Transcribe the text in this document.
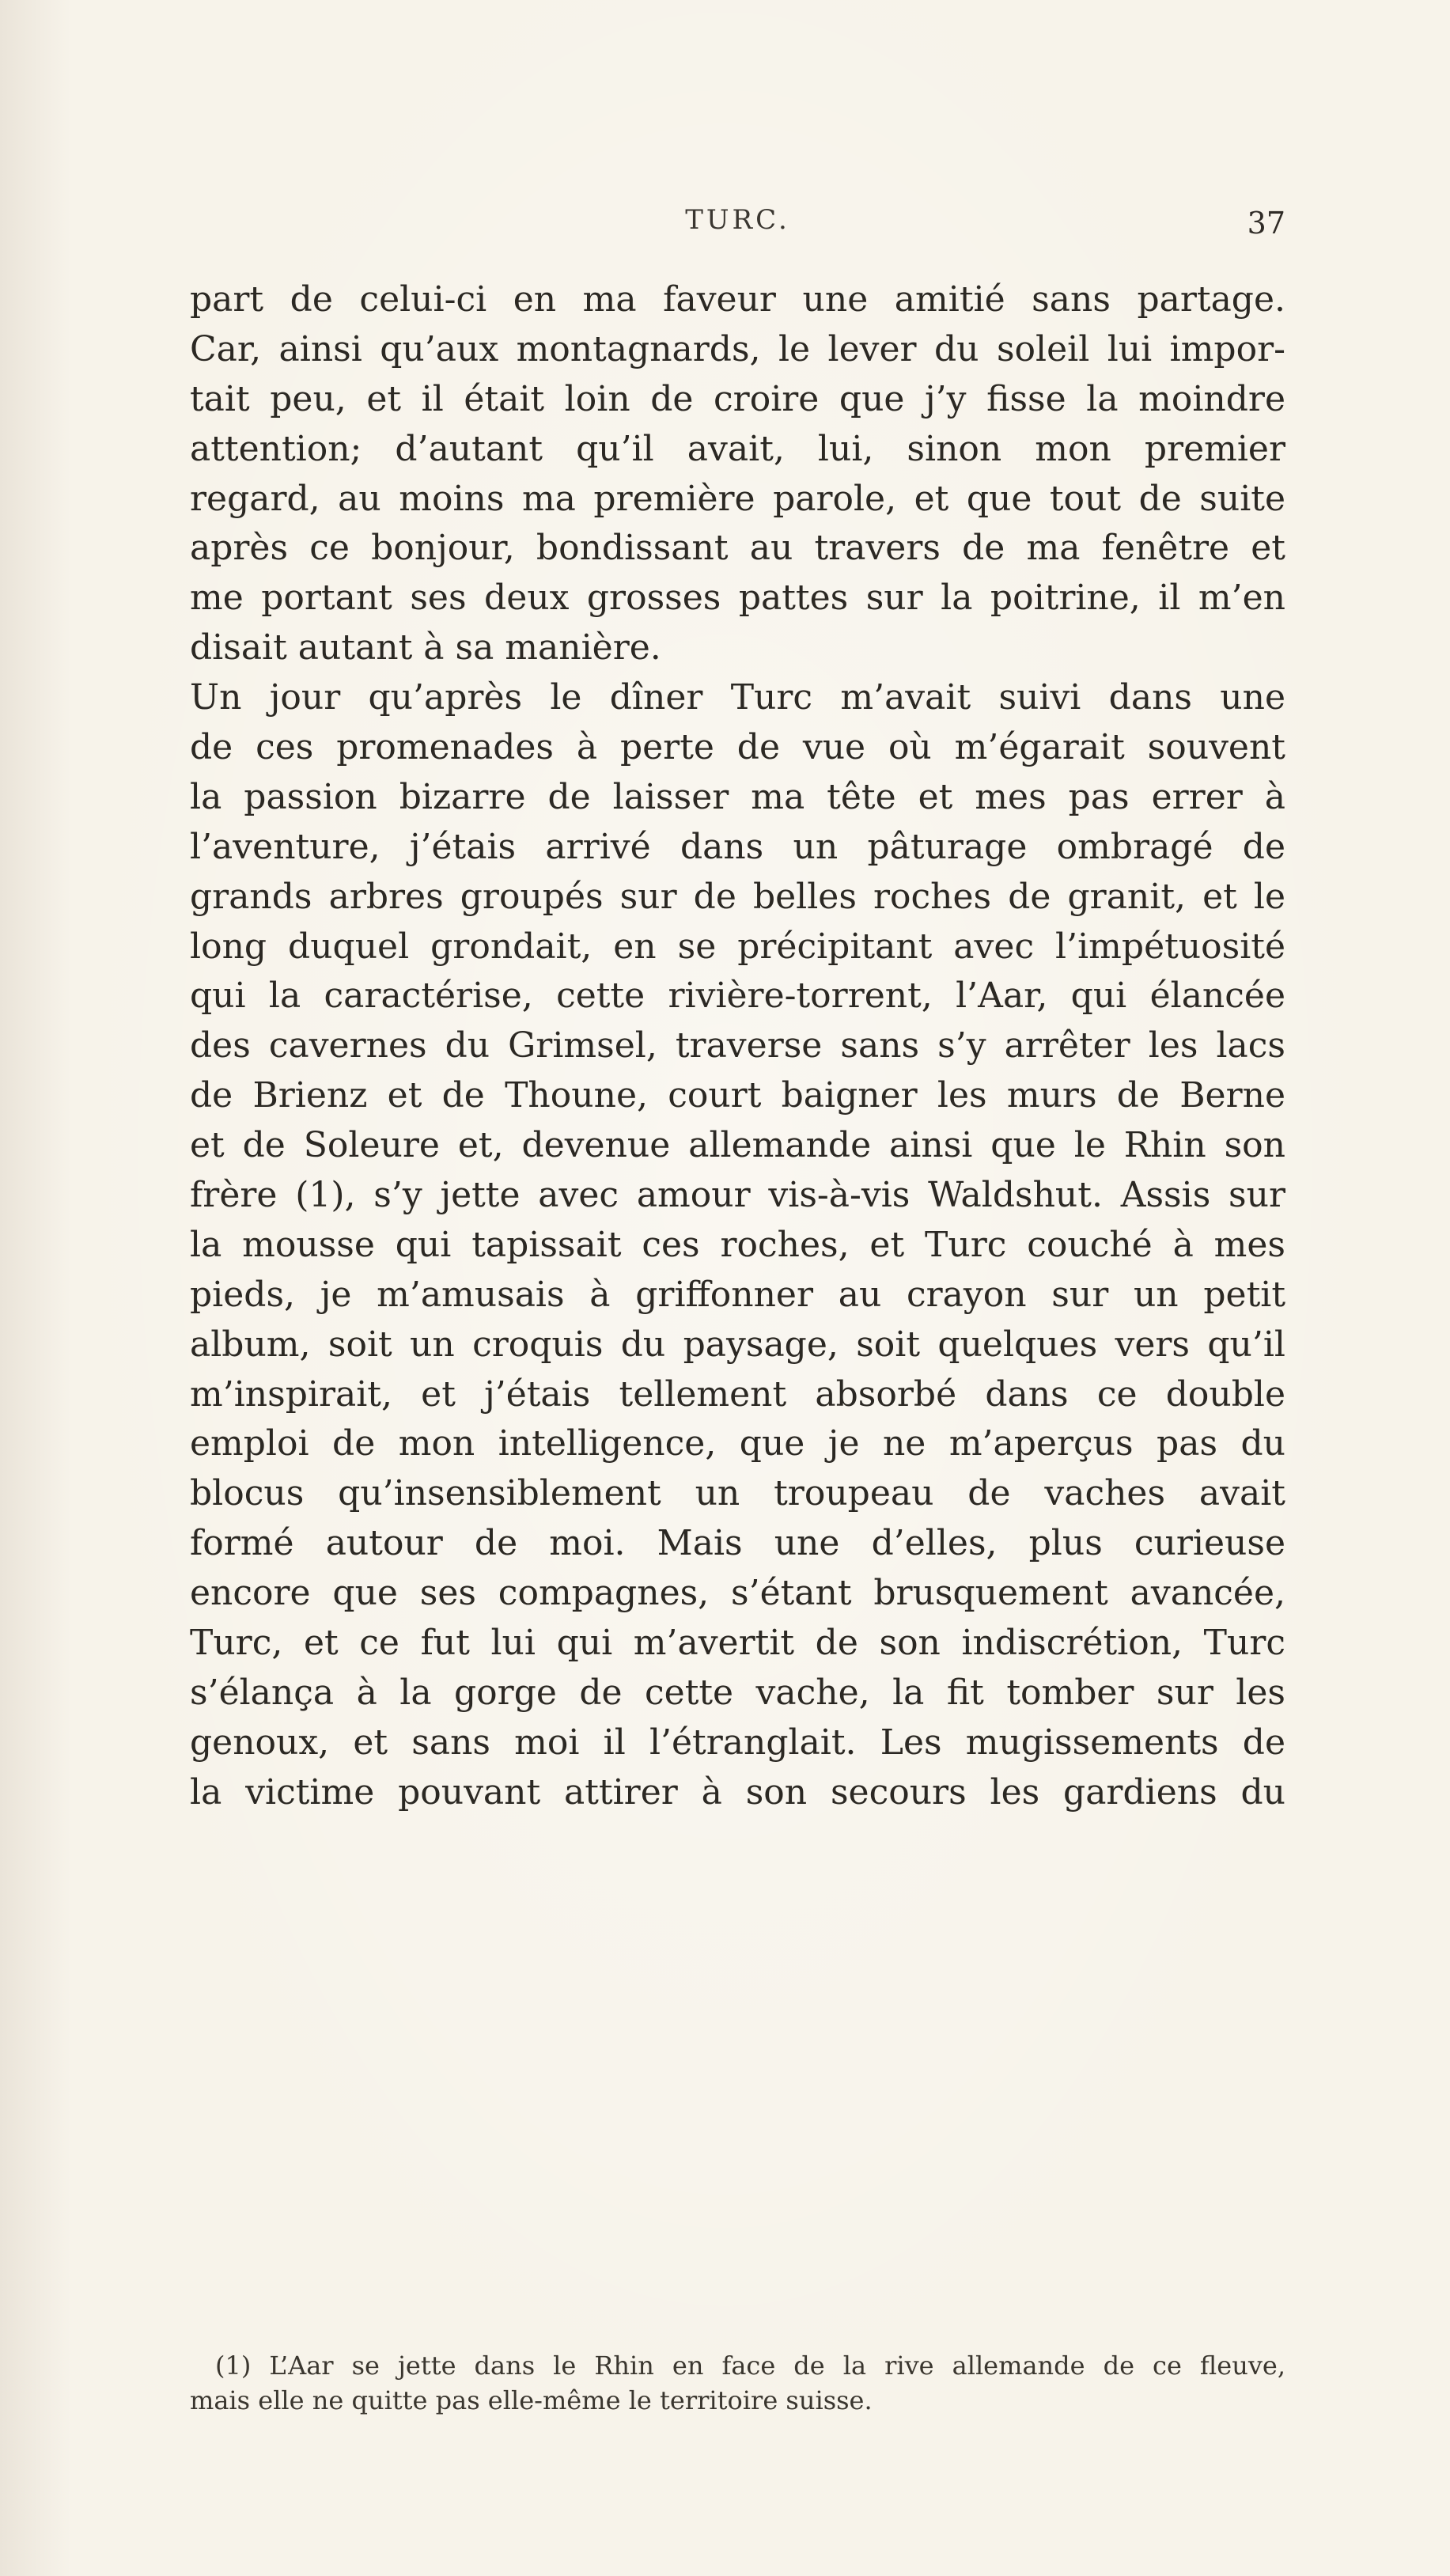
TURC.	37
part de celui-ci en ma faveur une amitié sans partage.
Car, ainsi qu’aux montagnards, le lever du soleil lui impor-
tait peu, et il était loin de croire que j’y fisse la moindre
attention; d’autant qu’il avait, lui, sinon mon premier
regard, au moins ma première parole, et que tout de suite
après ce bonjour, bondissant au travers de ma fenêtre et
me portant ses deux grosses pattes sur la poitrine, il m’en
disait autant à sa manière.
Un jour qu’après le dîner Turc m’avait suivi dans une
de ces promenades à perte de vue où m’égarait souvent
la passion bizarre de laisser ma tête et mes pas errer à
l’aventure, j’étais arrivé dans un pâturage ombragé de
grands arbres groupés sur de belles roches de granit, et le
long duquel grondait, en se précipitant avec l’impétuosité
qui la caractérise, cette rivière-torrent, l’Aar, qui élancée
des cavernes du Grimsel, traverse sans s’y arrêter les lacs
de Brienz et de Thoune, court baigner les murs de Berne
et de Soleure et, devenue allemande ainsi que le Rhin son
frère (1), s’y jette avec amour vis-à-vis Waldshut. Assis sur
la mousse qui tapissait ces roches, et Turc couché à mes
pieds, je m’amusais à griffonner au crayon sur un petit
album, soit un croquis du paysage, soit quelques vers qu’il
m’inspirait, et j’étais tellement absorbé dans ce double
emploi de mon intelligence, que je ne m’aperçus pas du
blocus qu’insensiblement un troupeau de vaches avait
formé autour de moi. Mais une d’elles, plus curieuse
encore que ses compagnes, s’étant brusquement avancée,
Turc, et ce fut lui qui m’avertit de son indiscrétion, Turc
s’élança à la gorge de cette vache, la fit tomber sur les
genoux, et sans moi il l’étranglait. Les mugissements de
la victime pouvant attirer à son secours les gardiens du
(1) L’Aar se jette dans le Rhin en face de la rive allemande de ce fleuve,
mais elle ne quitte pas elle-même le territoire suisse.
